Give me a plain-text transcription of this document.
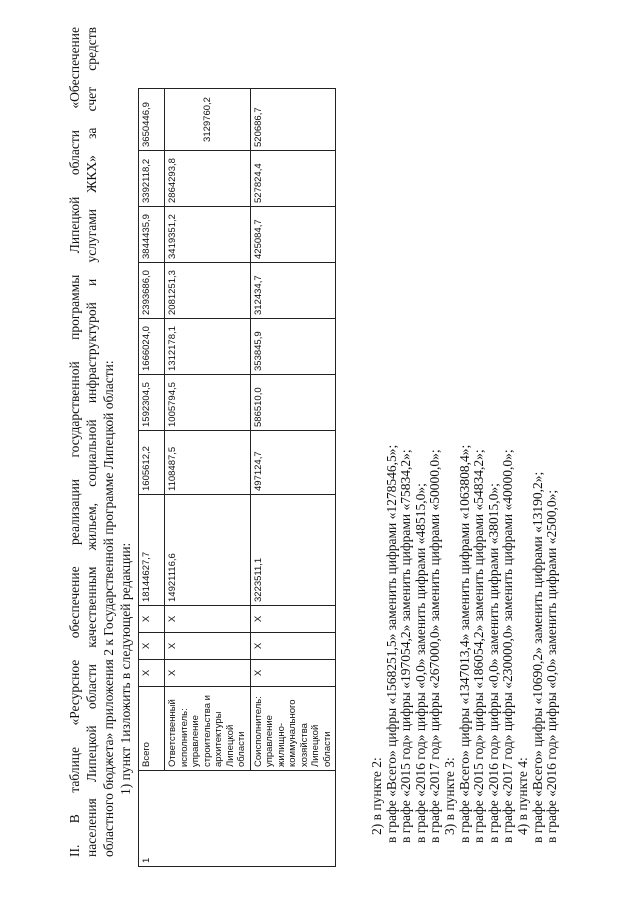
II. В таблице «Ресурсное обеспечение реализации государственной программы Липецкой области «Обеспечение населения Липецкой области качественным жильем, социальной инфраструктурой и услугами ЖКХ» за счет средств областного бюджета» приложения 2 к Государственной программе Липецкой области: 1) пункт 1изложить в следующей редакции:
1	Всего	Х	Х	Х	18144627,7	1605612,2	1592304,5	1666024,0	2393686,0	3844435,9	3392118,2	3650446,9
	Ответственный исполнитель: управление строительства и архитектуры Липецкой области	Х	Х	Х	14921116,6	1108487,5	1005794,5	1312178,1	2081251,3	3419351,2	2864293,8	3129760,2
	Соисполнитель: управление жилищно-коммунального хозяйства Липецкой области	Х	Х	Х	3223511,1	497124,7	586510,0	353845,9	312434,7	425084,7	527824,4	520686,7
2) в пункте 2: в графе «Всего» цифры «1568251,5» заменить цифрами «1278546,5»; в графе «2015 год» цифры «197054,2» заменить цифрами «75834,2»; в графе «2016 год» цифры «0,0» заменить цифрами «48515,0»; в графе «2017 год» цифры «267000,0» заменить цифрами «50000,0»; 3) в пункте 3: в графе «Всего» цифры «1347013,4» заменить цифрами «1063808,4»; в графе «2015 год» цифры «186054,2» заменить цифрами «54834,2»; в графе «2016 год» цифры «0,0» заменить цифрами «38015,0»; в графе «2017 год» цифры «230000,0» заменить цифрами «40000,0»; 4) в пункте 4: в графе «Всего» цифры «10690,2» заменить цифрами «13190,2»; в графе «2016 год» цифры «0,0» заменить цифрами «2500,0»;
